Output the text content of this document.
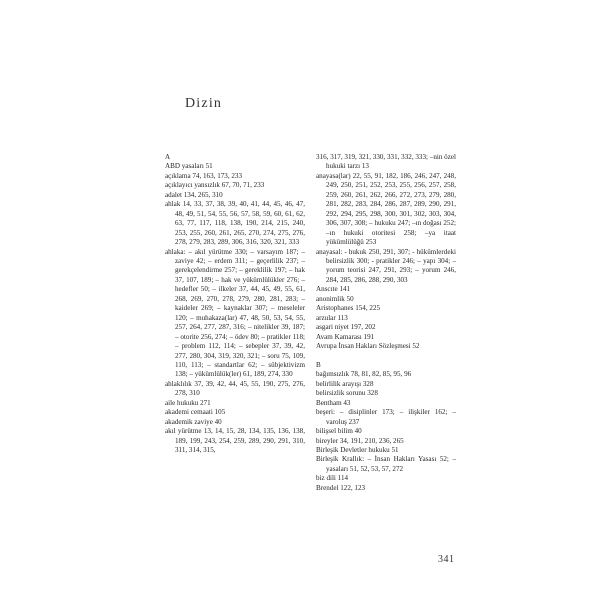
Dizin
A
ABD yasaları 51
açıklama 74, 163, 173, 233
açıklayıcı yansızlık 67, 70, 71, 233
adalet 134, 265, 310
ahlak 14, 33, 37, 38, 39, 40, 41, 44, 45, 46, 47, 48, 49, 51, 54, 55, 56, 57, 58, 59, 60, 61, 62, 63, 77, 117, 118, 138, 190, 214, 215, 240, 253, 255, 260, 261, 265, 270, 274, 275, 276, 278, 279, 283, 289, 306, 316, 320, 321, 333
ahlaka: – akıl yürütme 330; – varsayım 187; – zaviye 42; – erdem 311; – geçerlilik 237; – gerekçelendirme 257; – gereklilik 197; – hak 37, 107, 189; – hak ve yükümlülükler 276; – hedefler 50; – ilkeler 37, 44, 45, 49, 55, 61, 268, 269, 270, 278, 279, 280, 281, 283; – kaideler 269; – kaynaklar 307; – meseleler 120; – muhakaza(lar) 47, 48, 50, 53, 54, 55, 257, 264, 277, 287, 316; – nitelikler 39, 187; – otorite 256, 274; – ödev 80; – pratikler 118; – problem 112, 114; – sebepler 37, 39, 42, 277, 280, 304, 319, 320, 321; – soru 75, 109, 110, 113; – standartlar 62; – sübjektivizm 138; – yükümlülük(ler) 61, 189, 274, 330
ahlaklılık 37, 39, 42, 44, 45, 55, 190, 275, 276, 278, 310
aile hukuku 271
akademi cemaati 105
akademik zaviye 40
akıl yürütme 13, 14, 15, 28, 134, 135, 136, 138, 189, 199, 243, 254, 259, 289, 290, 291, 310, 311, 314, 315,
316, 317, 319, 321, 330, 331, 332, 333; –nin özel hukuki tarzı 13
anayasa(lar) 22, 55, 91, 182, 186, 246, 247, 248, 249, 250, 251, 252, 253, 255, 256, 257, 258, 259, 260, 261, 262, 266, 272, 273, 279, 280, 281, 282, 283, 284, 286, 287, 289, 290, 291, 292, 294, 295, 298, 300, 301, 302, 303, 304, 306, 307, 308; – hukuku 247; –ın doğası 252; –ın hukuki otoritesi 258; –ya itaat yükümlülüğü 253
anayasal: - hukuk 250, 291, 307; - hükümlerdeki belirsizlik 300; - pratikler 246; – yapı 304; – yorum teorisi 247, 291, 293; – yorum 246, 284, 285, 286, 288, 290, 303
Anscıte 141
anonimlik 50
Aristophanes 154, 225
arzular 113
asgari niyet 197, 202
Avam Kamarası 191
Avrupa İnsan Hakları Sözleşmesi 52
B
bağımsızlık 78, 81, 82, 85, 95, 96
belirlilik arayışı 328
belirsizlik sorunu 328
Bentham 43
beşeri: – disiplinler 173; – ilişkiler 162; – varoluş 237
bilişsel bilim 40
bireyler 34, 191, 210, 236, 265
Birleşik Devletler hukuku 51
Birleşik Krallık: – İnsan Hakları Yasası 52; – yasaları 51, 52, 53, 57, 272
biz dili 114
Brendel 122, 123
341
